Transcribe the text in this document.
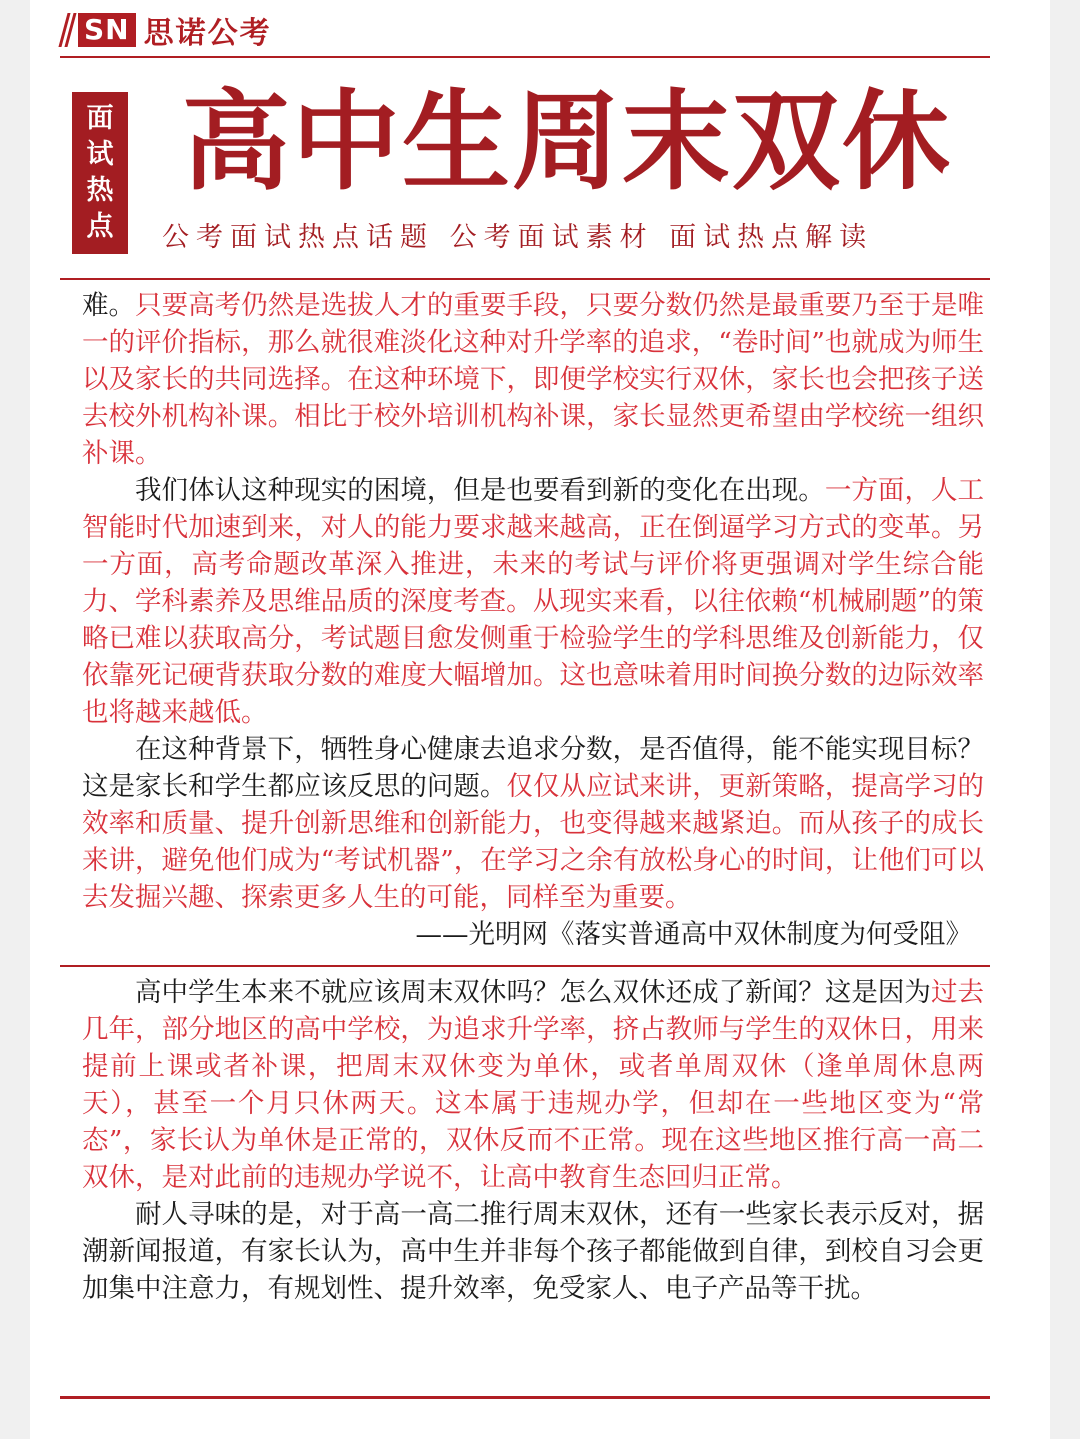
SN 思诺公考
面
试
热
点
高中生周末双休
公考面试热点话题 公考面试素材 面试热点解读

难。只要高考仍然是选拔人才的重要手段，只要分数仍然是最重要乃至于是唯一的评价指标，那么就很难淡化这种对升学率的追求，“卷时间”也就成为师生以及家长的共同选择。在这种环境下，即便学校实行双休，家长也会把孩子送去校外机构补课。相比于校外培训机构补课，家长显然更希望由学校统一组织补课。

我们体认这种现实的困境，但是也要看到新的变化在出现。一方面，人工智能时代加速到来，对人的能力要求越来越高，正在倒逼学习方式的变革。另一方面，高考命题改革深入推进，未来的考试与评价将更强调对学生综合能力、学科素养及思维品质的深度考查。从现实来看，以往依赖“机械刷题”的策略已难以获取高分，考试题目愈发侧重于检验学生的学科思维及创新能力，仅依靠死记硬背获取分数的难度大幅增加。这也意味着用时间换分数的边际效率也将越来越低。

在这种背景下，牺牲身心健康去追求分数，是否值得，能不能实现目标？这是家长和学生都应该反思的问题。仅仅从应试来讲，更新策略，提高学习的效率和质量、提升创新思维和创新能力，也变得越来越紧迫。而从孩子的成长来讲，避免他们成为“考试机器”，在学习之余有放松身心的时间，让他们可以去发掘兴趣、探索更多人生的可能，同样至为重要。

——光明网《落实普通高中双休制度为何受阻》

高中学生本来不就应该周末双休吗？怎么双休还成了新闻？这是因为过去几年，部分地区的高中学校，为追求升学率，挤占教师与学生的双休日，用来提前上课或者补课，把周末双休变为单休，或者单周双休（逢单周休息两天），甚至一个月只休两天。这本属于违规办学，但却在一些地区变为“常态”，家长认为单休是正常的，双休反而不正常。现在这些地区推行高一高二双休，是对此前的违规办学说不，让高中教育生态回归正常。

耐人寻味的是，对于高一高二推行周末双休，还有一些家长表示反对，据潮新闻报道，有家长认为，高中生并非每个孩子都能做到自律，到校自习会更加集中注意力，有规划性、提升效率，免受家人、电子产品等干扰。
